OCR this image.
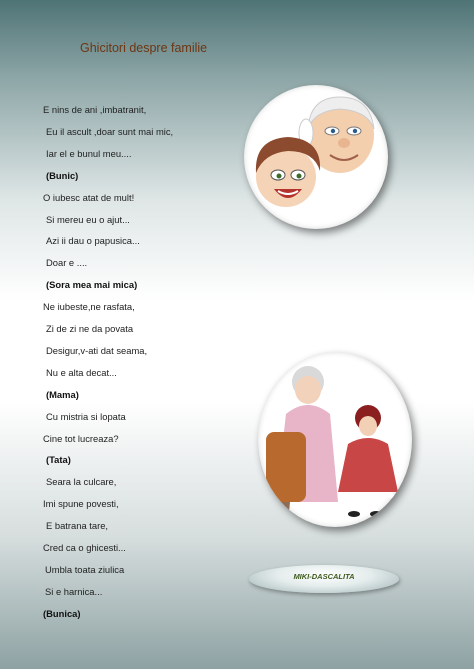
Ghicitori despre familie
E nins de ani ,imbatranit,
Eu il ascult ,doar sunt mai mic,
Iar el e bunul meu....
(Bunic)
O iubesc atat de mult!
Si mereu eu o ajut...
Azi ii dau o papusica...
Doar e ....
(Sora mea mai mica)
Ne iubeste,ne rasfata,
Zi de zi ne da povata
Desigur,v-ati dat seama,
Nu e alta decat...
(Mama)
Cu mistria si lopata
Cine tot lucreaza?
(Tata)
Seara la culcare,
Imi spune povesti,
E batrana tare,
Cred ca o ghicesti...
Umbla toata ziulica
Si e harnica...
(Bunica)
MIKI-DASCALITA
